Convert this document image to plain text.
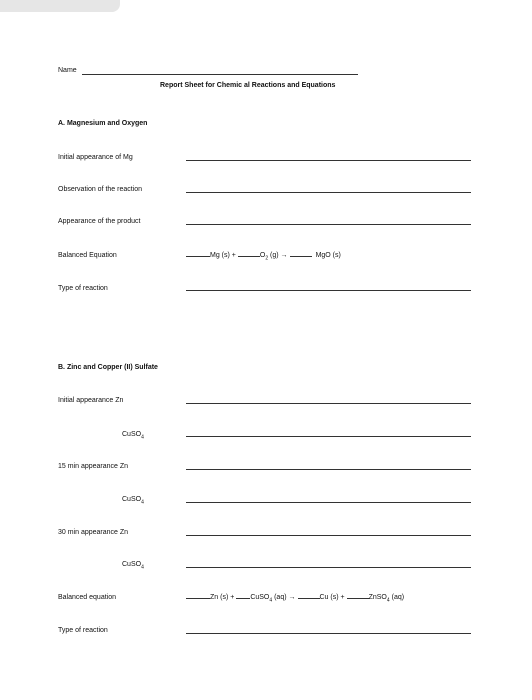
Name
Report Sheet for Chemic al Reactions and Equations
A. Magnesium and Oxygen
Initial appearance of Mg
Observation of the reaction
Appearance of the product
Balanced Equation	Mg (s) +	$O_2$ (g) →	MgO (s)
Type of reaction
B. Zinc and Copper (II) Sulfate
Initial appearance Zn
CuSO$_4$
15 min appearance Zn
CuSO$_4$
30 min appearance Zn
CuSO$_4$
Balanced equation	Zn (s) + CuSO$_4$ (aq) →	Cu (s) +	ZnSO$_4$ (aq)
Type of reaction
